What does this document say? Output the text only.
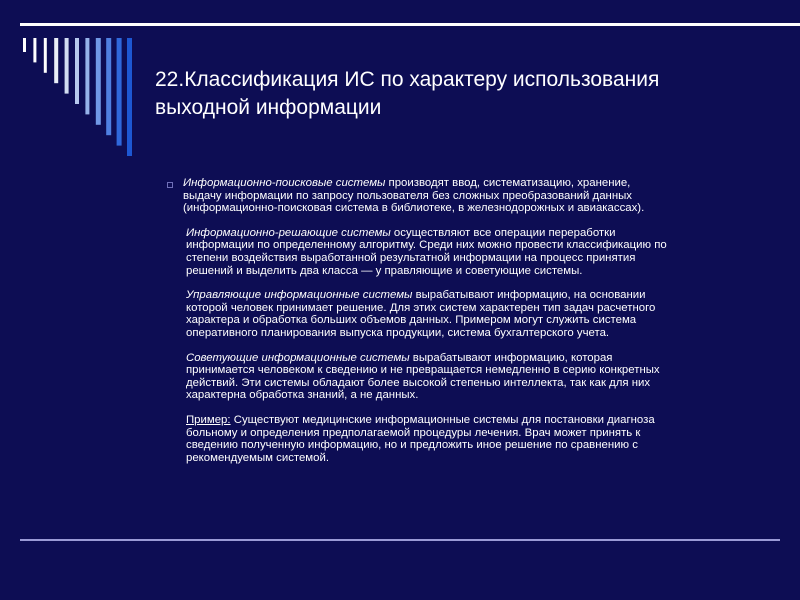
22.Классификация ИС по характеру использования
выходной информации

Информационно-поисковые системы производят ввод, систематизацию, хранение,
выдачу информации по запросу пользователя без сложных преобразований данных
(информационно-поисковая система в библиотеке, в железнодорожных и авиакассах).

Информационно-решающие системы осуществляют все операции переработки
информации по определенному алгоритму. Среди них можно провести классификацию по
степени воздействия выработанной результатной информации на процесс принятия
решений и выделить два класса — у правляющие и советующие системы.

Управляющие информационные системы вырабатывают информацию, на основании
которой человек принимает решение. Для этих систем характерен тип задач расчетного
характера и обработка больших объемов данных. Примером могут служить система
оперативного планирования выпуска продукции, система бухгалтерского учета.

Советующие информационные системы вырабатывают информацию, которая
принимается человеком к сведению и не превращается немедленно в серию конкретных
действий. Эти системы обладают более высокой степенью интеллекта, так как для них
характерна обработка знаний, а не данных.

Пример: Существуют медицинские информационные системы для постановки диагноза
больному и определения предполагаемой процедуры лечения. Врач может принять к
сведению полученную информацию, но и предложить иное решение по сравнению с
рекомендуемым системой.
